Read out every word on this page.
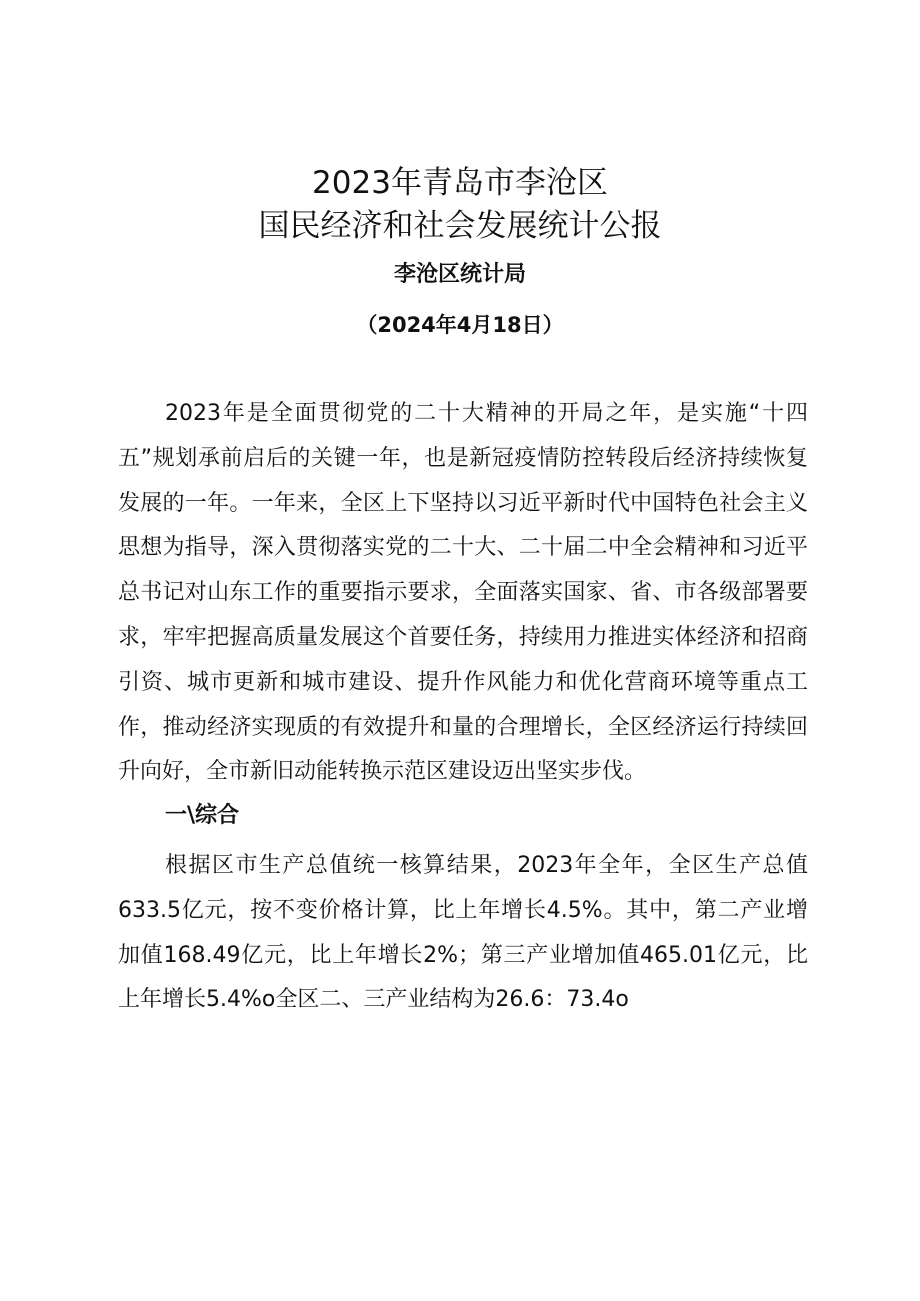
2023年青岛市李沧区
国民经济和社会发展统计公报
李沧区统计局
（2024年4月18日）

2023年是全面贯彻党的二十大精神的开局之年，是实施“十四五”规划承前启后的关键一年，也是新冠疫情防控转段后经济持续恢复发展的一年。一年来，全区上下坚持以习近平新时代中国特色社会主义思想为指导，深入贯彻落实党的二十大、二十届二中全会精神和习近平总书记对山东工作的重要指示要求，全面落实国家、省、市各级部署要求，牢牢把握高质量发展这个首要任务，持续用力推进实体经济和招商引资、城市更新和城市建设、提升作风能力和优化营商环境等重点工作，推动经济实现质的有效提升和量的合理增长，全区经济运行持续回升向好，全市新旧动能转换示范区建设迈出坚实步伐。

一\综合

根据区市生产总值统一核算结果，2023年全年，全区生产总值633.5亿元，按不变价格计算，比上年增长4.5%。其中，第二产业增加值168.49亿元，比上年增长2%；第三产业增加值465.01亿元，比上年增长5.4%o全区二、三产业结构为26.6：73.4o
